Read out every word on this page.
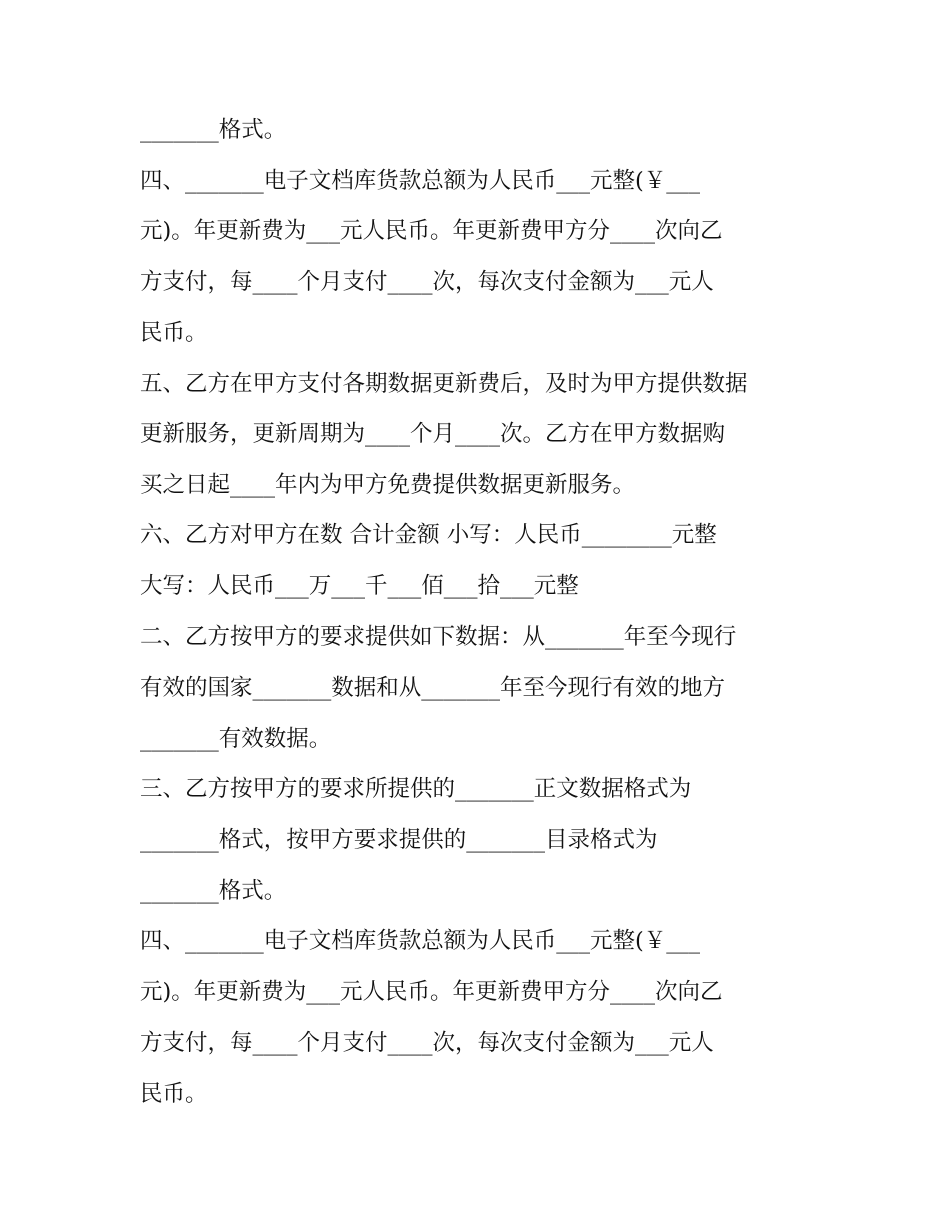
_______格式。

四、_______电子文档库货款总额为人民币___元整(￥___

元)。年更新费为___元人民币。年更新费甲方分____次向乙

方支付，每____个月支付____次，每次支付金额为___元人

民币。

五、乙方在甲方支付各期数据更新费后，及时为甲方提供数据

更新服务，更新周期为____个月____次。乙方在甲方数据购

买之日起____年内为甲方免费提供数据更新服务。

六、乙方对甲方在数 合计金额 小写：人民币________元整

大写：人民币___万___千___佰___拾___元整

二、乙方按甲方的要求提供如下数据：从_______年至今现行

有效的国家_______数据和从_______年至今现行有效的地方

_______有效数据。

三、乙方按甲方的要求所提供的_______正文数据格式为

_______格式，按甲方要求提供的_______目录格式为

_______格式。

四、_______电子文档库货款总额为人民币___元整(￥___

元)。年更新费为___元人民币。年更新费甲方分____次向乙

方支付，每____个月支付____次，每次支付金额为___元人

民币。
